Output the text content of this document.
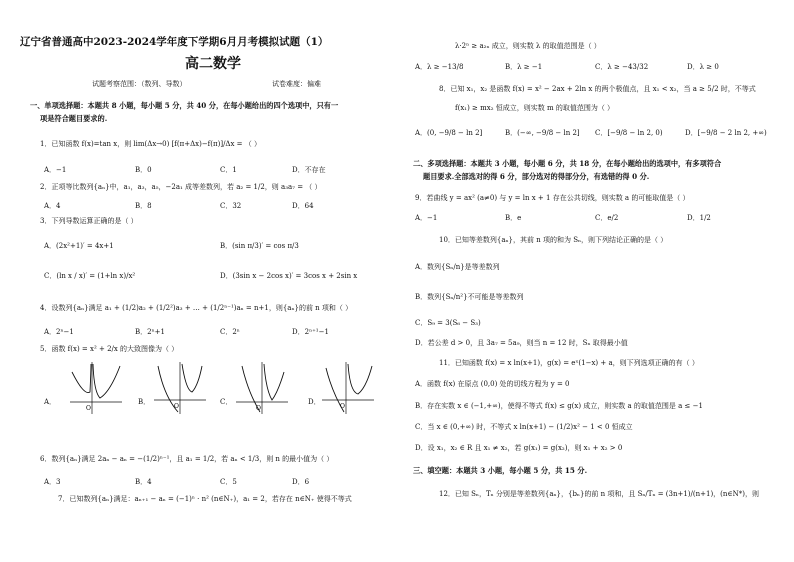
辽宁省普通高中2023-2024学年度下学期6月月考模拟试题（1）
高二数学
试题考察范围：（数列、导数）	试卷难度：偏难
一、单项选择题：本题共 8 小题，每小题 5 分，共 40 分，在每小题给出的四个选项中，只有一
项是符合题目要求的.
1．已知函数 f(x)=tan x，则 lim(Δx→0) [f(π+Δx)−f(π)]/Δx = （ ）
A．−1	B．0	C．1	D．不存在
2．正项等比数列{aₙ}中，a₁，a₃，a₅，−2a₁ 成等差数列，若 a₂ = 1/2，则 a₃a₇ = （ ）
A．4	B．8	C．32	D．64
3．下列导数运算正确的是（ ）
A．(2x²+1)′ = 4x+1	B．(sin π/3)′ = cos π/3
C．(ln x / x)′ = (1+ln x)/x²	D．(3sin x − 2cos x)′ = 3cos x + 2sin x
4．设数列{aₙ}满足 a₁ + (1/2)a₂ + (1/2²)a₃ + … + (1/2ⁿ⁻¹)aₙ = n+1，则{aₙ}的前 n 项和（ ）
A．2ⁿ−1	B．2ⁿ+1	C．2ⁿ	D．2ⁿ⁺¹−1
5．函数 f(x) = x² + 2/x 的大致图像为（ ）
A．
O
B．
O
C．
O
D．
O
6．数列{aₙ}满足 2aₙ − aₙ = −(1/2)ⁿ⁻¹，且 a₁ = 1/2，若 aₙ < 1/3，则 n 的最小值为（ ）
A．3	B．4	C．5	D．6
7．已知数列{aₙ}满足：aₙ₊₁ − aₙ = (−1)ⁿ · n² (n∈N₊)，a₁ = 2，若存在 n∈N₊ 使得不等式
λ·2ⁿ ≥ a₂ₙ 成立，则实数 λ 的取值范围是（ ）
A．λ ≥ −13/8	B．λ ≥ −1	C．λ ≥ −43/32	D．λ ≥ 0
8．已知 x₁，x₂ 是函数 f(x) = x² − 2ax + 2ln x 的两个极值点，且 x₁ < x₂，当 a ≥ 5/2 时，不等式
f(x₁) ≥ mx₂ 恒成立，则实数 m 的取值范围为（ ）
A．(0, −9/8 − ln 2]	B．(−∞, −9/8 − ln 2] C．[−9/8 − ln 2, 0)	D．[−9/8 − 2 ln 2, +∞)
二、多项选择题：本题共 3 小题，每小题 6 分，共 18 分，在每小题给出的选项中，有多项符合
题目要求.全部选对的得 6 分，部分选对的得部分分，有选错的得 0 分.
9．若曲线 y = ax² (a≠0) 与 y = ln x + 1 存在公共切线，则实数 a 的可能取值是（ ）
A．−1	B．e	C．e/2	D．1/2
10．已知等差数列{aₙ}，其前 n 项的和为 Sₙ，则下列结论正确的是（ ）
A．数列{Sₙ/n}是等差数列
B．数列{Sₙ/n²}不可能是等差数列
C．S₉ = 3(S₆ − S₃)
D．若公差 d > 0，且 3a₇ = 5a₉，则当 n = 12 时，Sₙ 取得最小值
11．已知函数 f(x) = x ln(x+1)，g(x) = eˣ(1−x) + a，则下列选项正确的有（ ）
A．函数 f(x) 在原点 (0,0) 处的切线方程为 y = 0
B．存在实数 x ∈ (−1,+∞)，使得不等式 f(x) ≤ g(x) 成立，则实数 a 的取值范围是 a ≤ −1
C．当 x ∈ (0,+∞) 时，不等式 x ln(x+1) − (1/2)x² − 1 < 0 恒成立
D．设 x₁，x₂ ∈ R 且 x₁ ≠ x₂，若 g(x₁) = g(x₂)，则 x₁ + x₂ > 0
三、填空题：本题共 3 小题，每小题 5 分，共 15 分.
12．已知 Sₙ，Tₙ 分别是等差数列{aₙ}，{bₙ}的前 n 项和，且 Sₙ/Tₙ = (3n+1)/(n+1)，(n∈N*)，则
